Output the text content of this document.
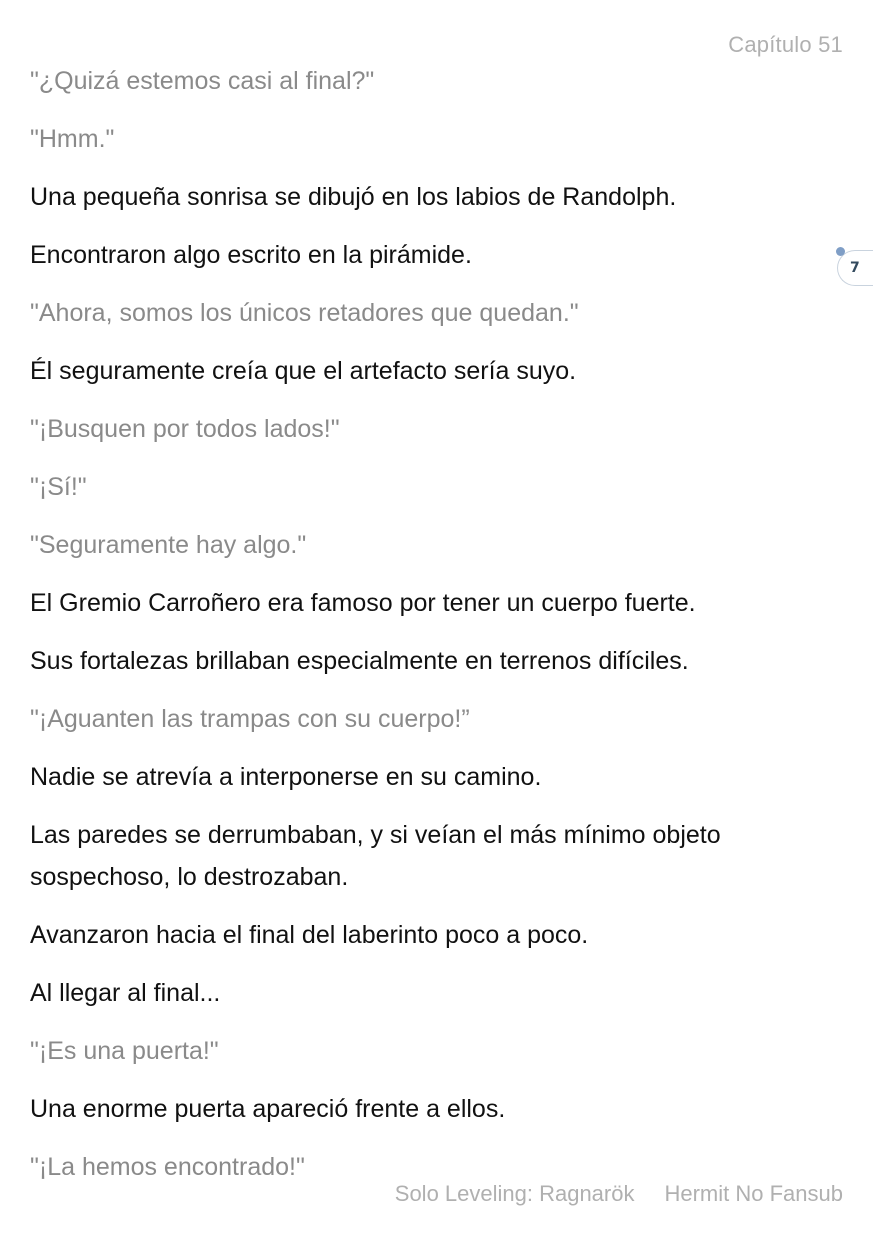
Capítulo 51

"¿Quizá estemos casi al final?"

"Hmm."

Una pequeña sonrisa se dibujó en los labios de Randolph.

Encontraron algo escrito en la pirámide.

"Ahora, somos los únicos retadores que quedan."

Él seguramente creía que el artefacto sería suyo.

"¡Busquen por todos lados!"

"¡Sí!"

"Seguramente hay algo."

El Gremio Carroñero era famoso por tener un cuerpo fuerte.

Sus fortalezas brillaban especialmente en terrenos difíciles.

"¡Aguanten las trampas con su cuerpo!”

Nadie se atrevía a interponerse en su camino.

Las paredes se derrumbaban, y si veían el más mínimo objeto sospechoso, lo destrozaban.

Avanzaron hacia el final del laberinto poco a poco.

Al llegar al final...

"¡Es una puerta!"

Una enorme puerta apareció frente a ellos.

"¡La hemos encontrado!"

7
Solo Leveling: Ragnarök Hermit No Fansub
